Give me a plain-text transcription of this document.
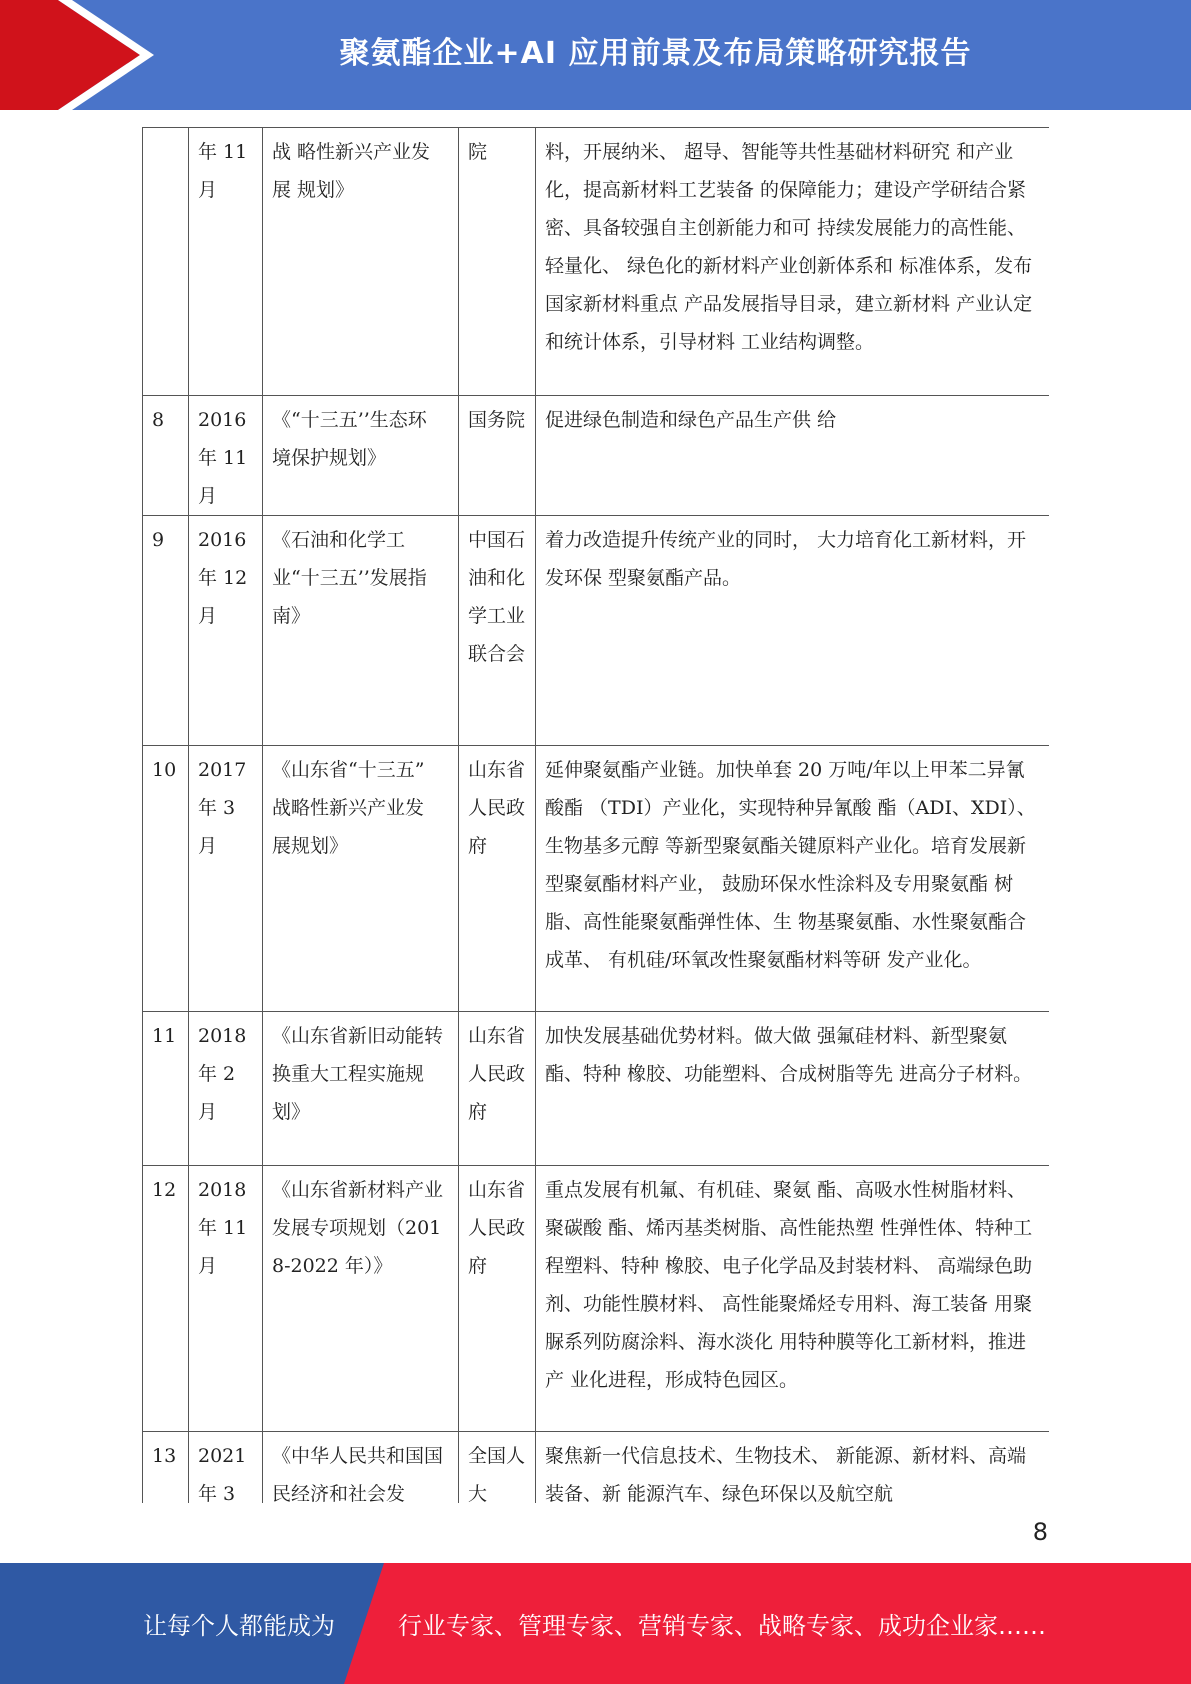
聚氨酯企业+AI 应用前景及布局策略研究报告
	年 11 月	战 略性新兴产业发展 规划》	院	料，开展纳米、 超导、智能等共性基础材料研究 和产业化，提高新材料工艺装备 的保障能力；建设产学研结合紧 密、具备较强自主创新能力和可 持续发展能力的高性能、轻量化、 绿色化的新材料产业创新体系和 标准体系，发布国家新材料重点 产品发展指导目录，建立新材料 产业认定和统计体系，引导材料 工业结构调整。
8	2016 年 11 月	《“十三五’’生态环 境保护规划》	国务院	促进绿色制造和绿色产品生产供 给
9	2016 年 12 月	《石油和化学工业“十三五’’发展指南》	中国石油和化学工业联合会	着力改造提升传统产业的同时， 大力培育化工新材料，开发环保 型聚氨酯产品。
10	2017 年 3 月	《山东省“十三五” 战略性新兴产业发 展规划》	山东省人民政府	延伸聚氨酯产业链。加快单套 20 万吨/年以上甲苯二异氰酸酯 （TDI）产业化，实现特种异氰酸 酯（ADI、XDI）、生物基多元醇 等新型聚氨酯关键原料产业化。培育发展新型聚氨酯材料产业， 鼓励环保水性涂料及专用聚氨酯 树脂、高性能聚氨酯弹性体、生 物基聚氨酯、水性聚氨酯合成革、 有机硅/环氧改性聚氨酯材料等研 发产业化。
11	2018 年 2 月	《山东省新旧动能转换重大工程实施规划》	山东省人民政府	加快发展基础优势材料。做大做 强氟硅材料、新型聚氨酯、特种 橡胶、功能塑料、合成树脂等先 进高分子材料。
12	2018 年 11 月	《山东省新材料产业发展专项规划（2018-2022 年）》	山东省人民政府	重点发展有机氟、有机硅、聚氨 酯、高吸水性树脂材料、聚碳酸 酯、烯丙基类树脂、高性能热塑 性弹性体、特种工程塑料、特种 橡胶、电子化学品及封装材料、 高端绿色助剂、功能性膜材料、 高性能聚烯烃专用料、海工装备 用聚脲系列防腐涂料、海水淡化 用特种膜等化工新材料，推进产 业化进程，形成特色园区。
13	2021 年 3	《中华人民共和国国民经济和社会发	全国人大	聚焦新一代信息技术、生物技术、 新能源、新材料、高端装备、新 能源汽车、绿色环保以及航空航
8
让每个人都能成为	行业专家、管理专家、营销专家、战略专家、成功企业家……
